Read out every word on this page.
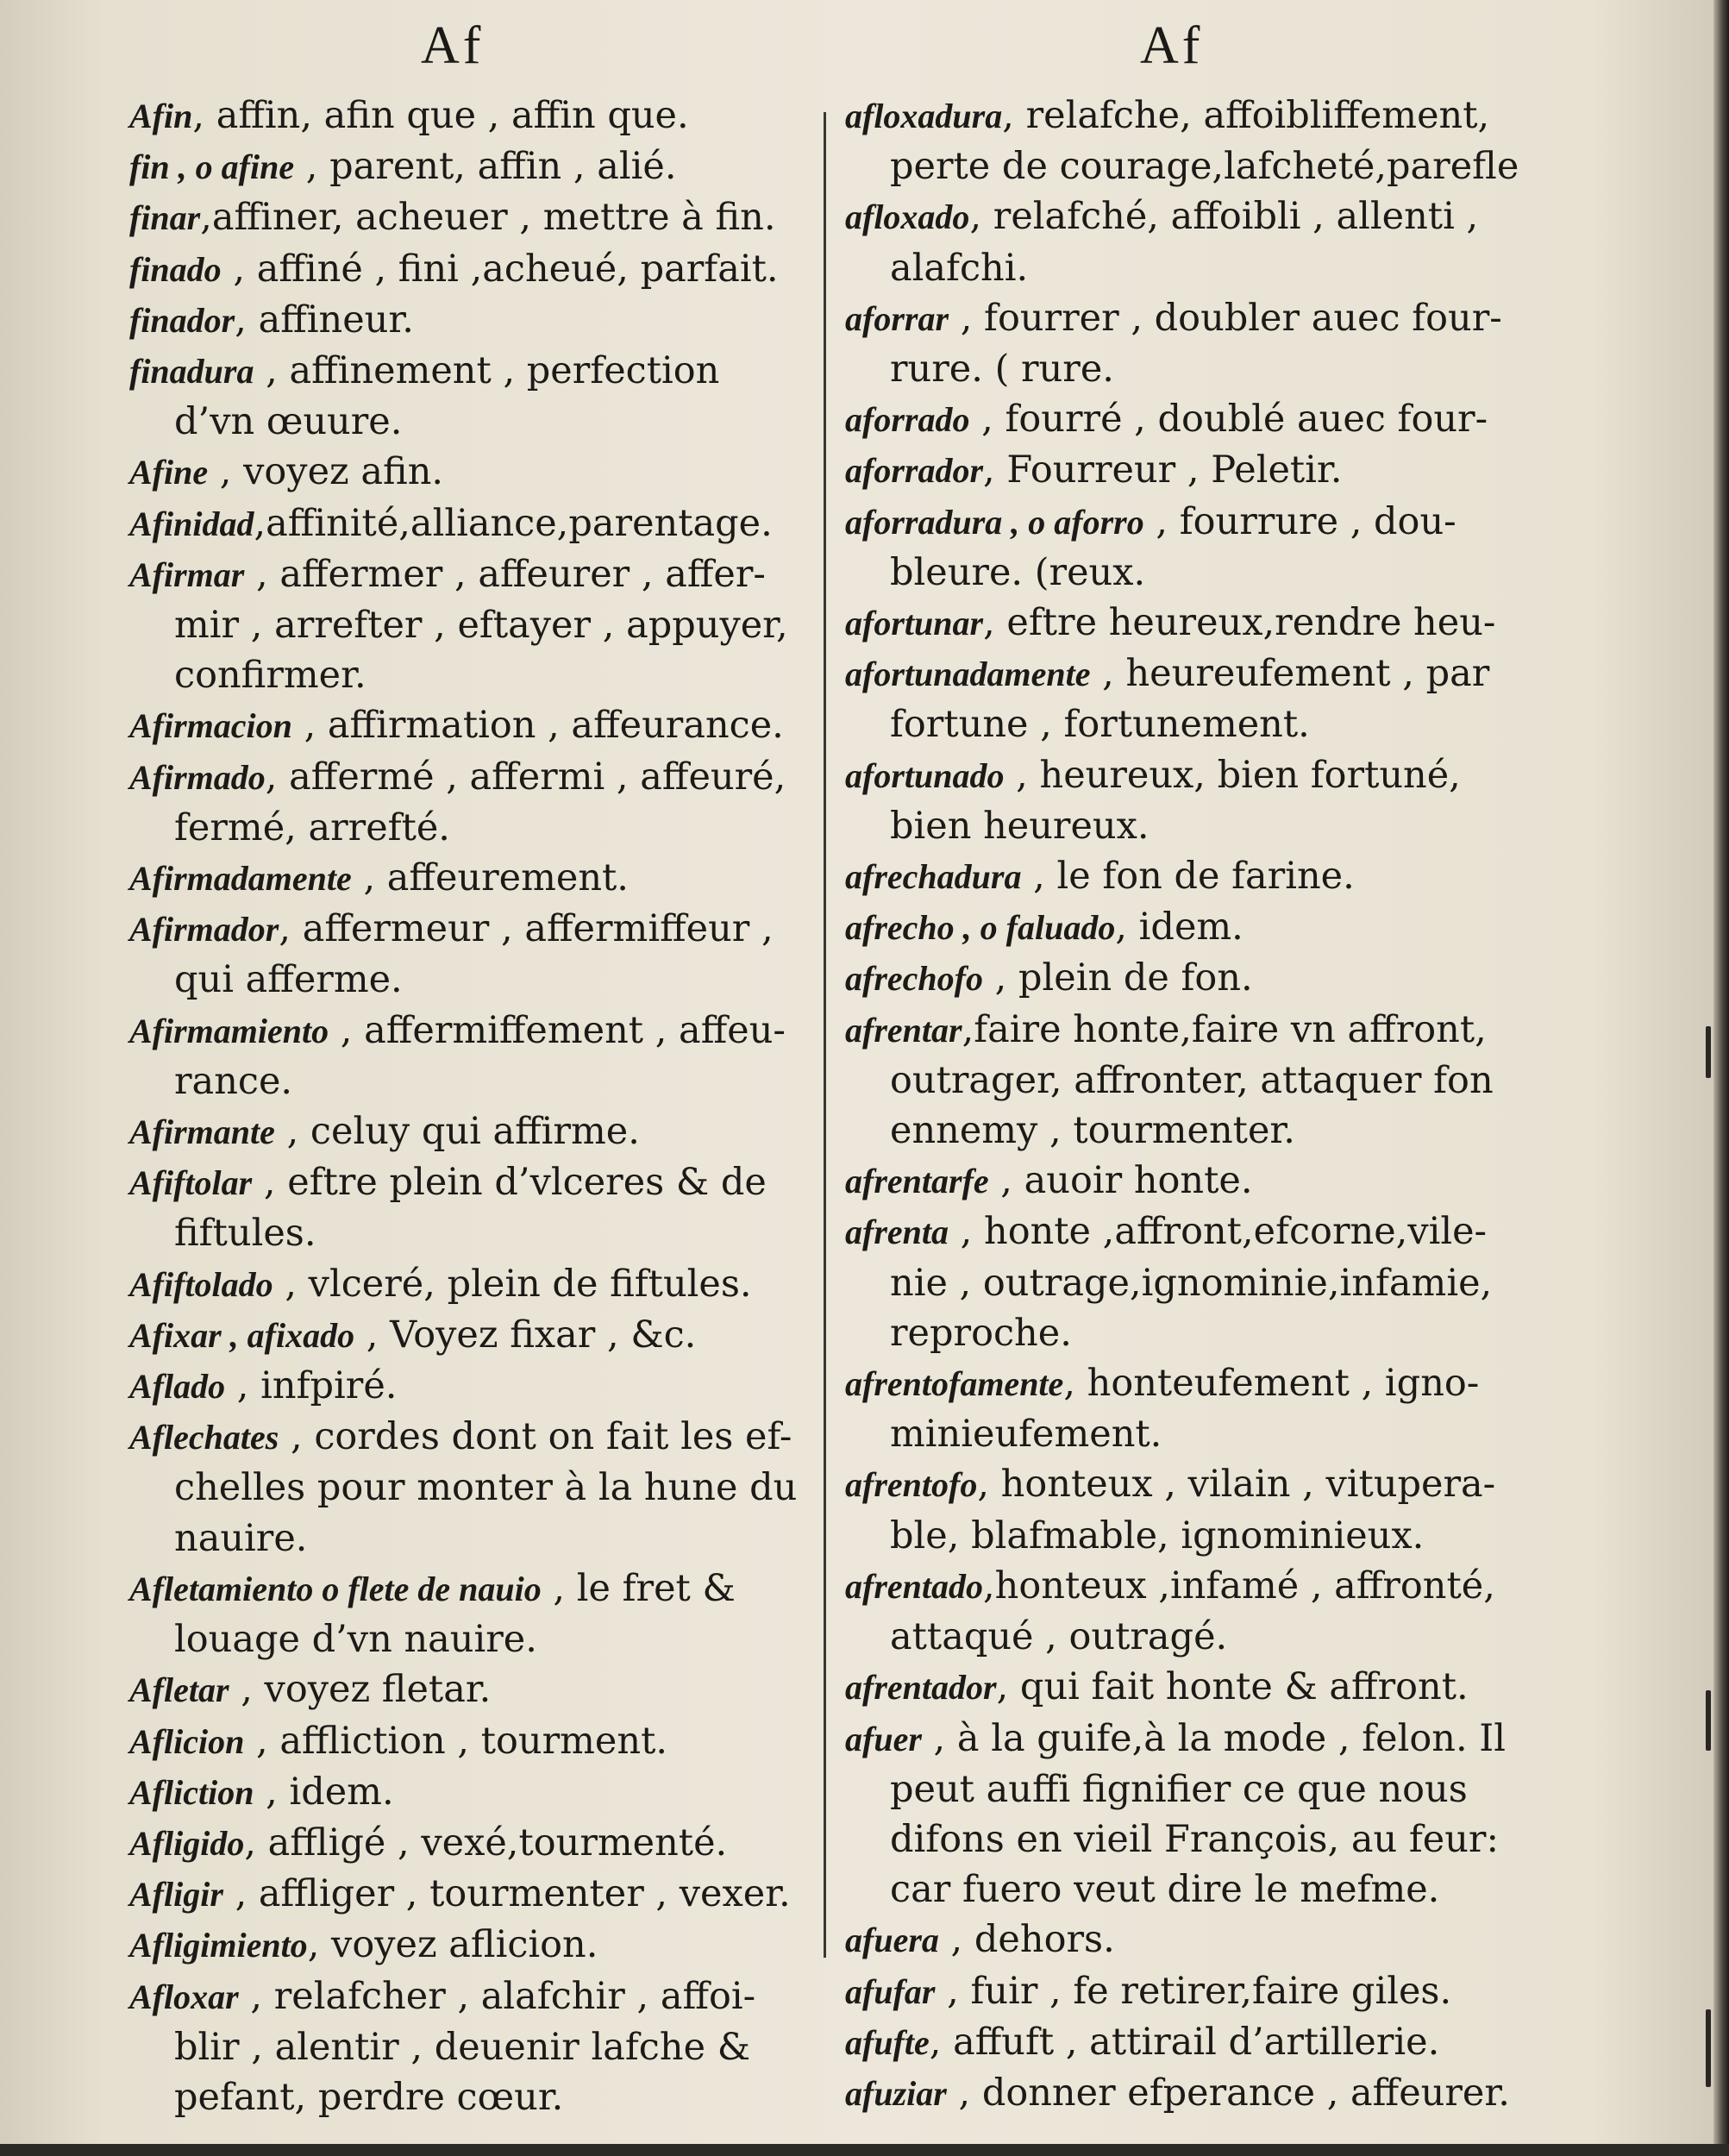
Af	Af

Afin, affin, afin que , affin que.

fin , o afine , parent, affin , alié.

finar,affiner, acheuer , mettre à fin.

finado , affiné , fini ,acheué, parfait.

finador, affineur.

finadura , affinement , perfection
d’vn œuure.

Afine , voyez afin.

Afinidad,affinité,alliance,parentage.

Afirmar , affermer , affeurer , affer-
mir , arrefter , eftayer , appuyer,
confirmer.

Afirmacion , affirmation , affeurance.

Afirmado, affermé , affermi , affeuré,
fermé, arrefté.

Afirmadamente , affeurement.

Afirmador, affermeur , affermiffeur ,
qui afferme.

Afirmamiento , affermiffement , affeu-
rance.

Afirmante , celuy qui affirme.

Afiftolar , eftre plein d’vlceres & de
fiftules.

Afiftolado , vlceré, plein de fiftules.

Afixar , afixado , Voyez fixar , &c.

Aflado , infpiré.

Aflechates , cordes dont on fait les ef-
chelles pour monter à la hune du
nauire.

Afletamiento o flete de nauio , le fret &
louage d’vn nauire.

Afletar , voyez fletar.

Aflicion , affliction , tourment.

Afliction , idem.

Afligido, affligé , vexé,tourmenté.

Afligir , affliger , tourmenter , vexer.

Afligimiento, voyez aflicion.

Afloxar , relafcher , alafchir , affoi-
blir , alentir , deuenir lafche &
pefant, perdre cœur.

afloxadura, relafche, affoibliffement,
perte de courage,lafcheté,parefle

afloxado, relafché, affoibli , allenti ,
alafchi.

aforrar , fourrer , doubler auec four-
rure. ( rure.

aforrado , fourré , doublé auec four-

aforrador, Fourreur , Peletir.

aforradura , o aforro , fourrure , dou-
bleure. (reux.

afortunar, eftre heureux,rendre heu-

afortunadamente , heureufement , par
fortune , fortunement.

afortunado , heureux, bien fortuné,
bien heureux.

afrechadura , le fon de farine.

afrecho , o faluado, idem.

afrechofo , plein de fon.

afrentar,faire honte,faire vn affront,
outrager, affronter, attaquer fon
ennemy , tourmenter.

afrentarfe , auoir honte.

afrenta , honte ,affront,efcorne,vile-
nie , outrage,ignominie,infamie,
reproche.

afrentofamente, honteufement , igno-
minieufement.

afrentofo, honteux , vilain , vitupera-
ble, blafmable, ignominieux.

afrentado,honteux ,infamé , affronté,
attaqué , outragé.

afrentador, qui fait honte & affront.

afuer , à la guife,à la mode , felon. Il
peut auffi fignifier ce que nous
difons en vieil François, au feur:
car fuero veut dire le mefme.

afuera , dehors.

afufar , fuir , fe retirer,faire giles.

afufte, affuft , attirail d’artillerie.

afuziar , donner efperance , affeurer.
